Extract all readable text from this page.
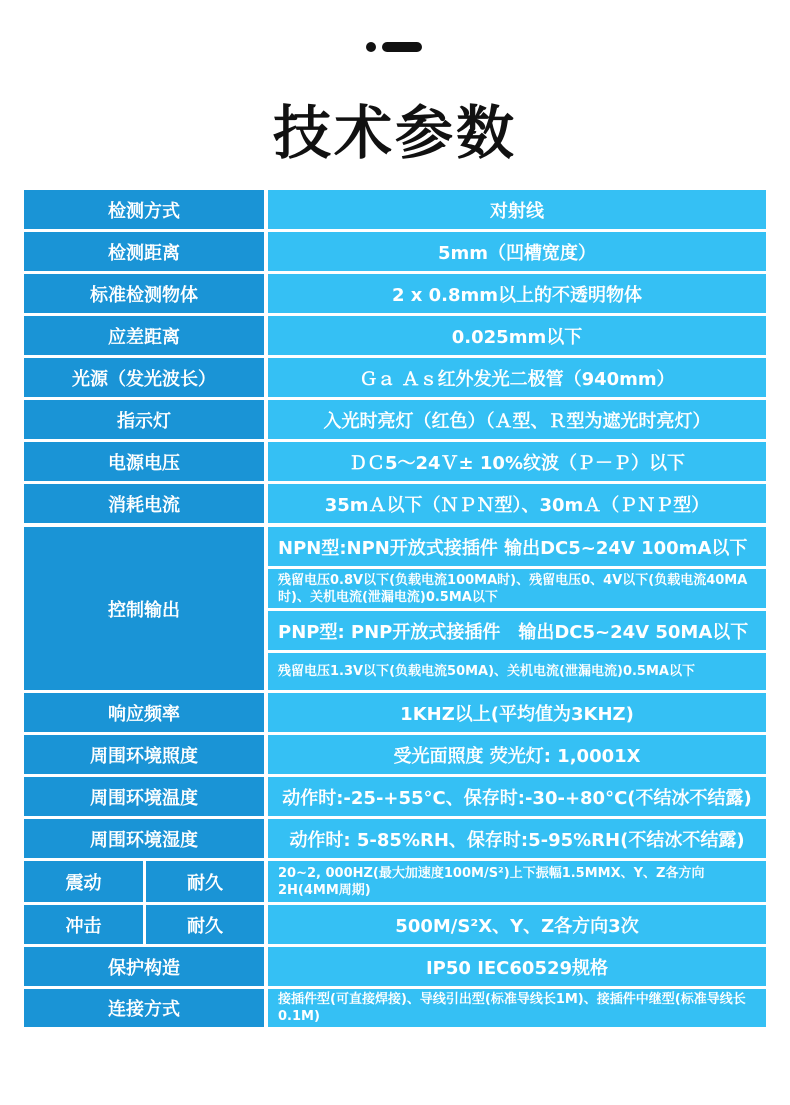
技术参数
检测方式	对射线
检测距离	5mm（凹槽宽度）
标准检测物体	2 x 0.8mm以上的不透明物体
应差距离	0.025mm以下
光源（发光波长）	Ｇａ Ａｓ红外发光二极管（940mm）
指示灯	入光时亮灯（红色）（Ａ型、Ｒ型为遮光时亮灯）
电源电压	ＤＣ5～24Ｖ± 10%纹波（Ｐ－Ｐ）以下
消耗电流	35mＡ以下（ＮＰＮ型）、30mＡ（ＰＮＰ型）
控制输出
NPN型:NPN开放式接插件 输出DC5~24V 100mA以下
残留电压0.8V以下(负载电流100MA时)、残留电压0、4V以下(负载电流40MA时)、关机电流(泄漏电流)0.5MA以下
PNP型: PNP开放式接插件　输出DC5~24V 50MA以下
残留电压1.3V以下(负载电流50MA)、关机电流(泄漏电流)0.5MA以下
响应频率	1KHZ以上(平均值为3KHZ)
周围环境照度	受光面照度 荧光灯: 1,0001X
周围环境温度	动作时:-25-+55°C、保存时:-30-+80°C(不结冰不结露)
周围环境湿度	动作时: 5-85%RH、保存时:5-95%RH(不结冰不结露)
震动	耐久	20~2, 000HZ(最大加速度100M/S²)上下振幅1.5MMX、Y、Z各方向2H(4MM周期)
冲击	耐久	500M/S²X、Y、Z各方向3次
保护构造	IP50 IEC60529规格
连接方式	接插件型(可直接焊接)、导线引出型(标准导线长1M)、接插件中继型(标准导线长0.1M)
